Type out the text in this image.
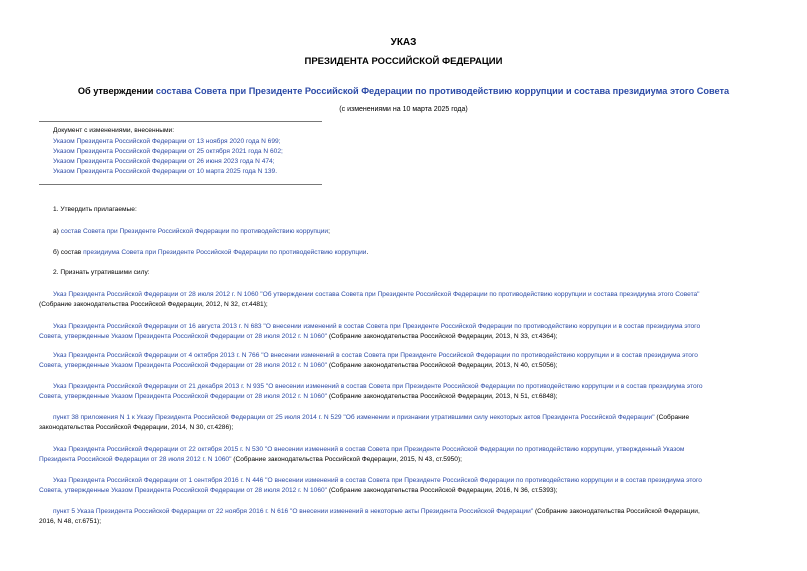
УКАЗ
ПРЕЗИДЕНТА РОССИЙСКОЙ ФЕДЕРАЦИИ
Об утверждении состава Совета при Президенте Российской Федерации по противодействию коррупции и состава президиума этого Совета
(с изменениями на 10 марта 2025 года)
Документ с изменениями, внесенными:
Указом Президента Российской Федерации от 13 ноября 2020 года N 699;
Указом Президента Российской Федерации от 25 октября 2021 года N 602;
Указом Президента Российской Федерации от 26 июня 2023 года N 474;
Указом Президента Российской Федерации от 10 марта 2025 года N 139.
1. Утвердить прилагаемые:
а) состав Совета при Президенте Российской Федерации по противодействию коррупции;
б) состав президиума Совета при Президенте Российской Федерации по противодействию коррупции.
2. Признать утратившими силу:
Указ Президента Российской Федерации от 28 июля 2012 г. N 1060 "Об утверждении состава Совета при Президенте Российской Федерации по противодействию коррупции и состава президиума этого Совета"
(Собрание законодательства Российской Федерации, 2012, N 32, ст.4481);
Указ Президента Российской Федерации от 16 августа 2013 г. N 683 "О внесении изменений в состав Совета при Президенте Российской Федерации по противодействию коррупции и в состав президиума этого
Совета, утвержденные Указом Президента Российской Федерации от 28 июля 2012 г. N 1060" (Собрание законодательства Российской Федерации, 2013, N 33, ст.4364);
Указ Президента Российской Федерации от 4 октября 2013 г. N 766 "О внесении изменений в состав Совета при Президенте Российской Федерации по противодействию коррупции и в состав президиума этого
Совета, утвержденные Указом Президента Российской Федерации от 28 июля 2012 г. N 1060" (Собрание законодательства Российской Федерации, 2013, N 40, ст.5056);
Указ Президента Российской Федерации от 21 декабря 2013 г. N 935 "О внесении изменений в состав Совета при Президенте Российской Федерации по противодействию коррупции и в состав президиума этого
Совета, утвержденные Указом Президента Российской Федерации от 28 июля 2012 г. N 1060" (Собрание законодательства Российской Федерации, 2013, N 51, ст.6848);
пункт 38 приложения N 1 к Указу Президента Российской Федерации от 25 июля 2014 г. N 529 "Об изменении и признании утратившими силу некоторых актов Президента Российской Федерации" (Собрание
законодательства Российской Федерации, 2014, N 30, ст.4286);
Указ Президента Российской Федерации от 22 октября 2015 г. N 530 "О внесении изменений в состав Совета при Президенте Российской Федерации по противодействию коррупции, утвержденный Указом
Президента Российской Федерации от 28 июля 2012 г. N 1060" (Собрание законодательства Российской Федерации, 2015, N 43, ст.5950);
Указ Президента Российской Федерации от 1 сентября 2016 г. N 446 "О внесении изменений в состав Совета при Президенте Российской Федерации по противодействию коррупции и в состав президиума этого
Совета, утвержденные Указом Президента Российской Федерации от 28 июля 2012 г. N 1060" (Собрание законодательства Российской Федерации, 2016, N 36, ст.5393);
пункт 5 Указа Президента Российской Федерации от 22 ноября 2016 г. N 616 "О внесении изменений в некоторые акты Президента Российской Федерации" (Собрание законодательства Российской Федерации,
2016, N 48, ст.6751);
